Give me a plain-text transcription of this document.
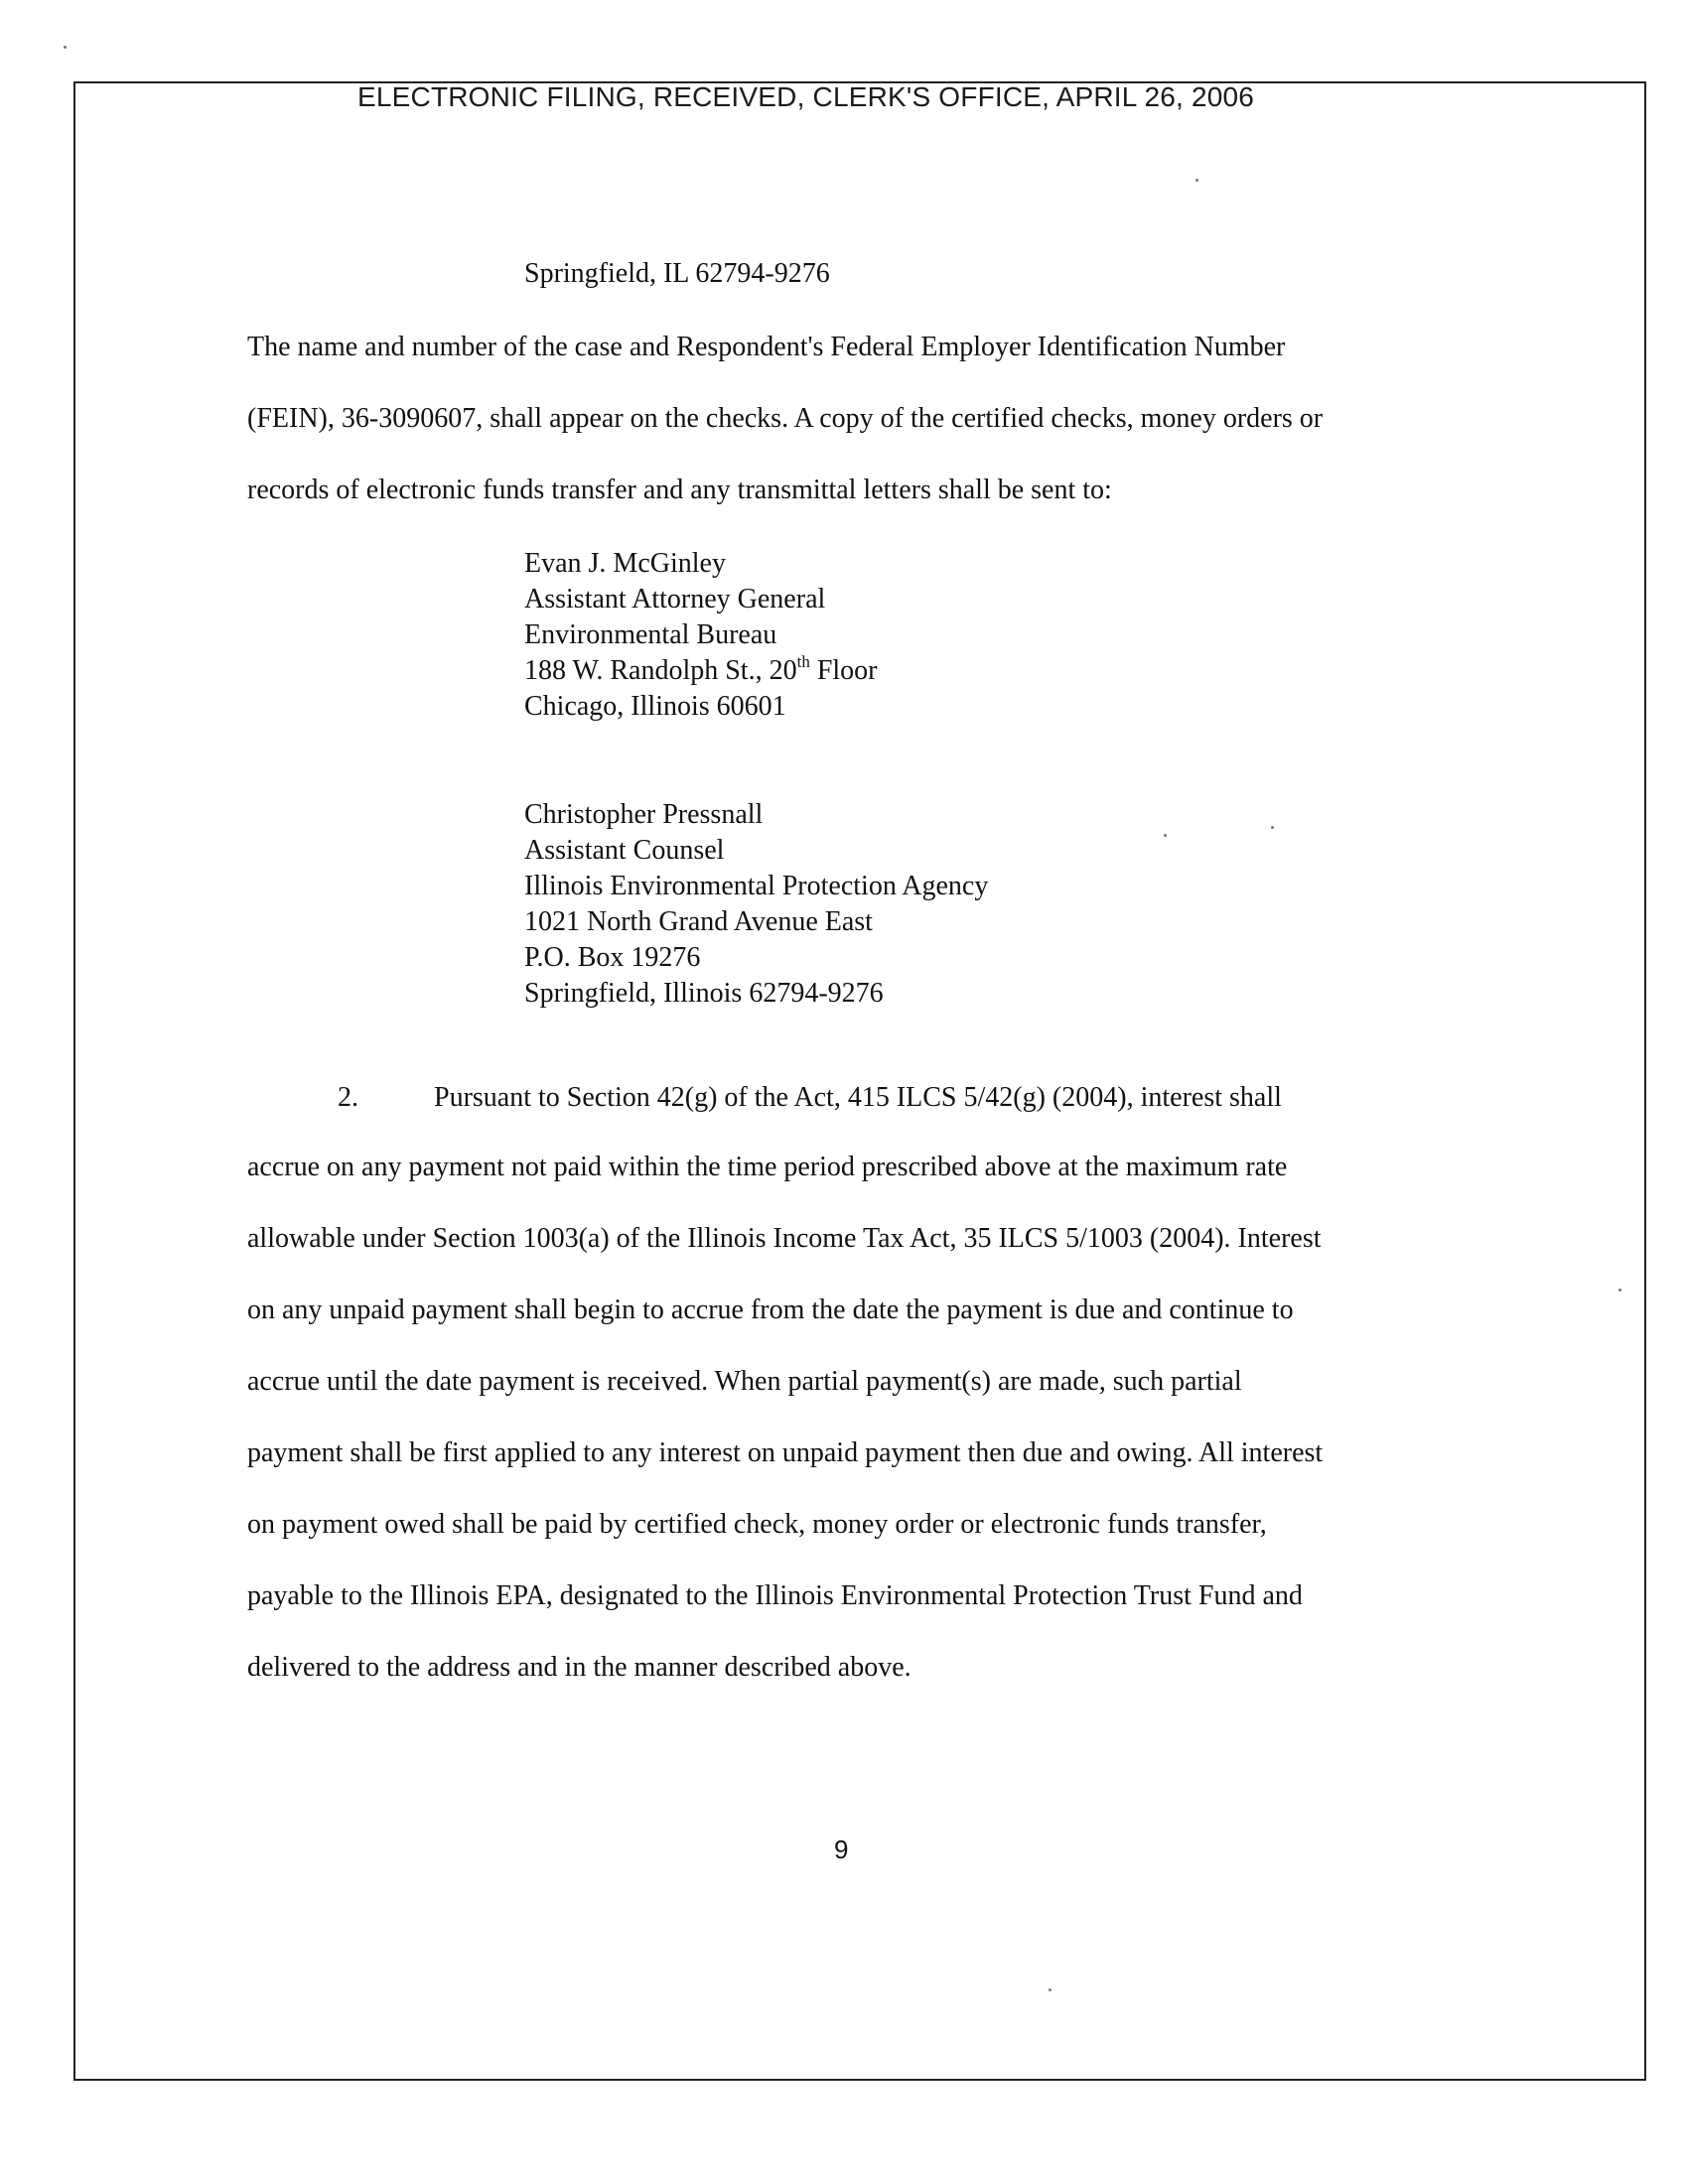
ELECTRONIC FILING, RECEIVED, CLERK'S OFFICE, APRIL 26, 2006
Springfield, IL 62794-9276
The name and number of the case and Respondent's Federal Employer Identification Number
(FEIN), 36-3090607, shall appear on the checks. A copy of the certified checks, money orders or
records of electronic funds transfer and any transmittal letters shall be sent to:
Evan J. McGinley
Assistant Attorney General
Environmental Bureau
188 W. Randolph St., 20th Floor
Chicago, Illinois 60601
Christopher Pressnall
Assistant Counsel
Illinois Environmental Protection Agency
1021 North Grand Avenue East
P.O. Box 19276
Springfield, Illinois 62794-9276
2.	Pursuant to Section 42(g) of the Act, 415 ILCS 5/42(g) (2004), interest shall
accrue on any payment not paid within the time period prescribed above at the maximum rate
allowable under Section 1003(a) of the Illinois Income Tax Act, 35 ILCS 5/1003 (2004). Interest
on any unpaid payment shall begin to accrue from the date the payment is due and continue to
accrue until the date payment is received. When partial payment(s) are made, such partial
payment shall be first applied to any interest on unpaid payment then due and owing. All interest
on payment owed shall be paid by certified check, money order or electronic funds transfer,
payable to the Illinois EPA, designated to the Illinois Environmental Protection Trust Fund and
delivered to the address and in the manner described above.
9
